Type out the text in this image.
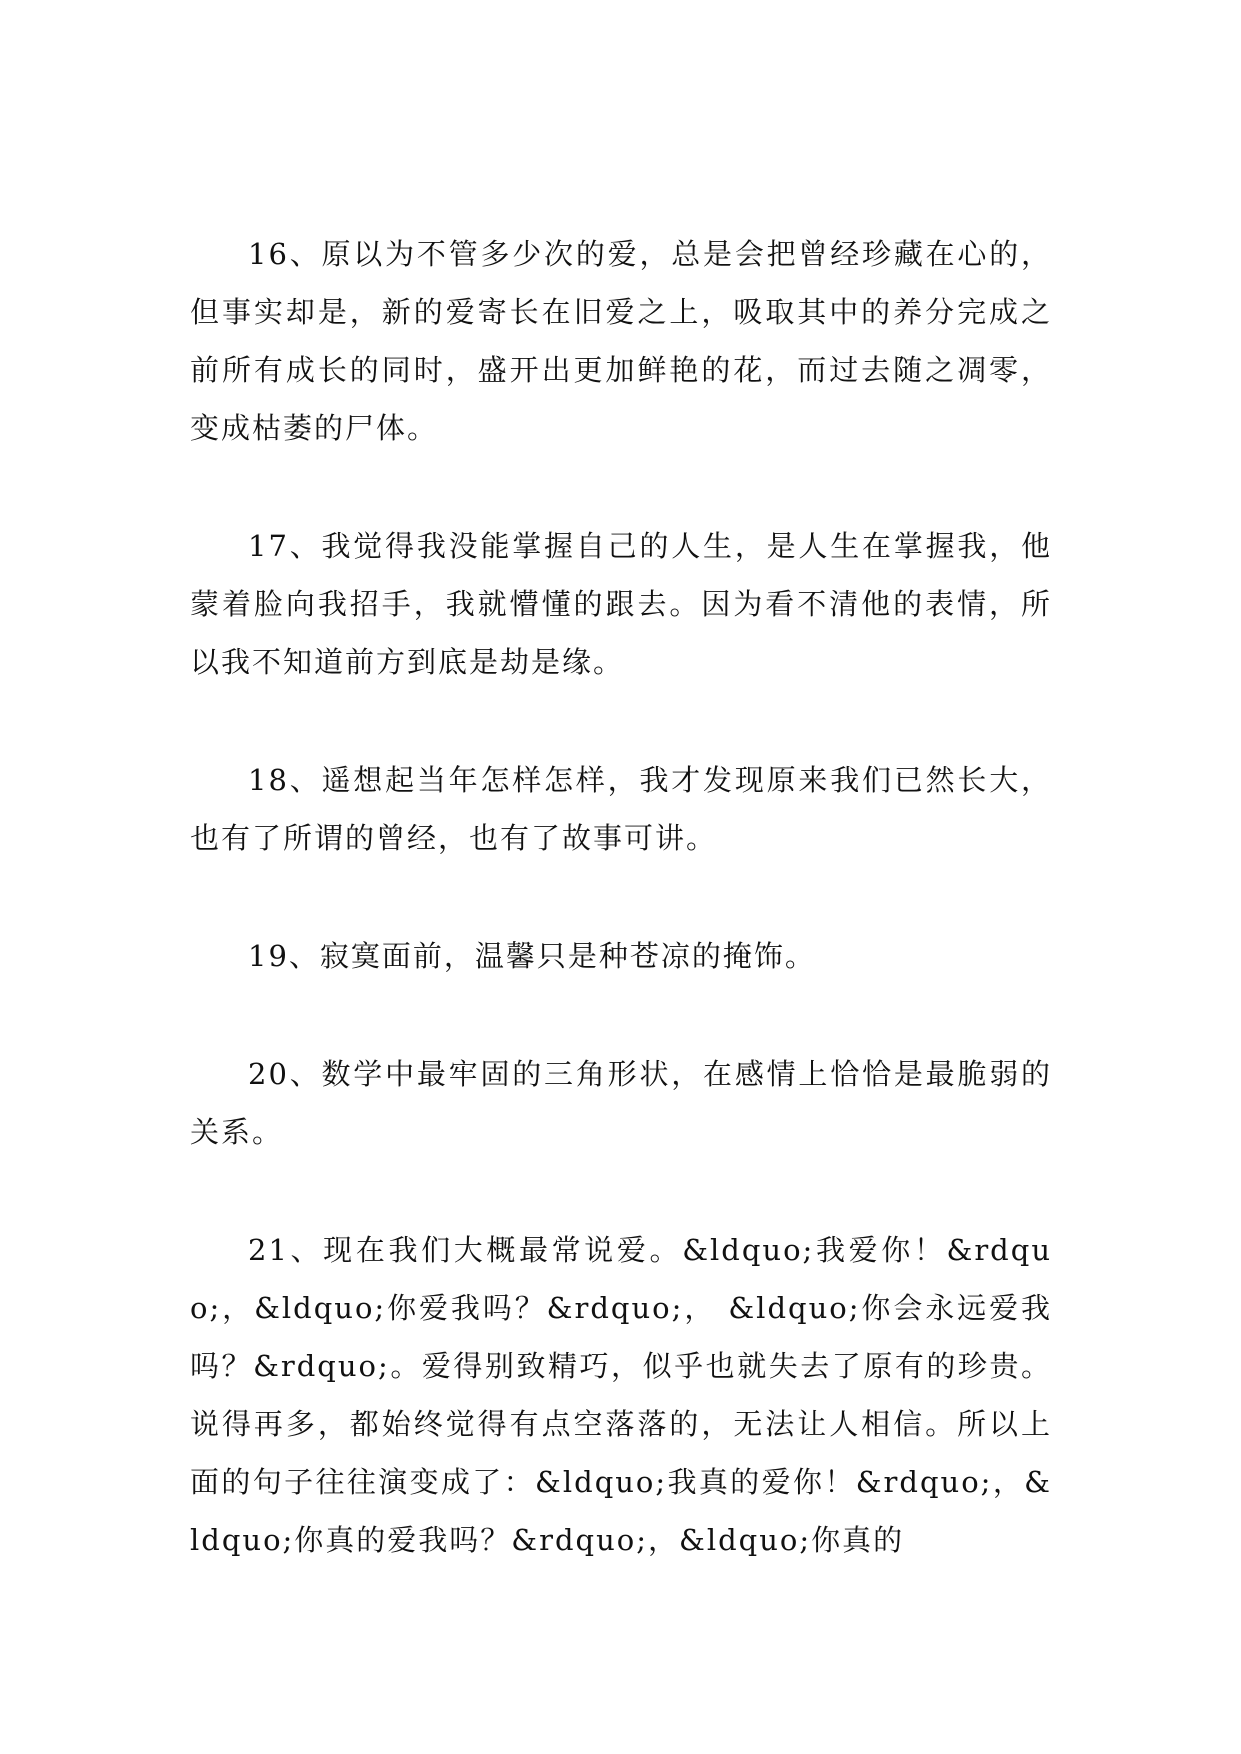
16、原以为不管多少次的爱，总是会把曾经珍藏在心的，但事实却是，新的爱寄长在旧爱之上，吸取其中的养分完成之前所有成长的同时，盛开出更加鲜艳的花，而过去随之凋零，变成枯萎的尸体。

17、我觉得我没能掌握自己的人生，是人生在掌握我，他蒙着脸向我招手，我就懵懂的跟去。因为看不清他的表情，所以我不知道前方到底是劫是缘。

18、遥想起当年怎样怎样，我才发现原来我们已然长大，也有了所谓的曾经，也有了故事可讲。

19、寂寞面前，温馨只是种苍凉的掩饰。

20、数学中最牢固的三角形状，在感情上恰恰是最脆弱的关系。

21、现在我们大概最常说爱。&ldquo;我爱你！&rdquo;，&ldquo;你爱我吗？&rdquo;， &ldquo;你会永远爱我吗？&rdquo;。爱得别致精巧，似乎也就失去了原有的珍贵。说得再多，都始终觉得有点空落落的，无法让人相信。所以上面的句子往往演变成了：&ldquo;我真的爱你！&rdquo;，&ldquo;你真的爱我吗？&rdquo;，&ldquo;你真的
